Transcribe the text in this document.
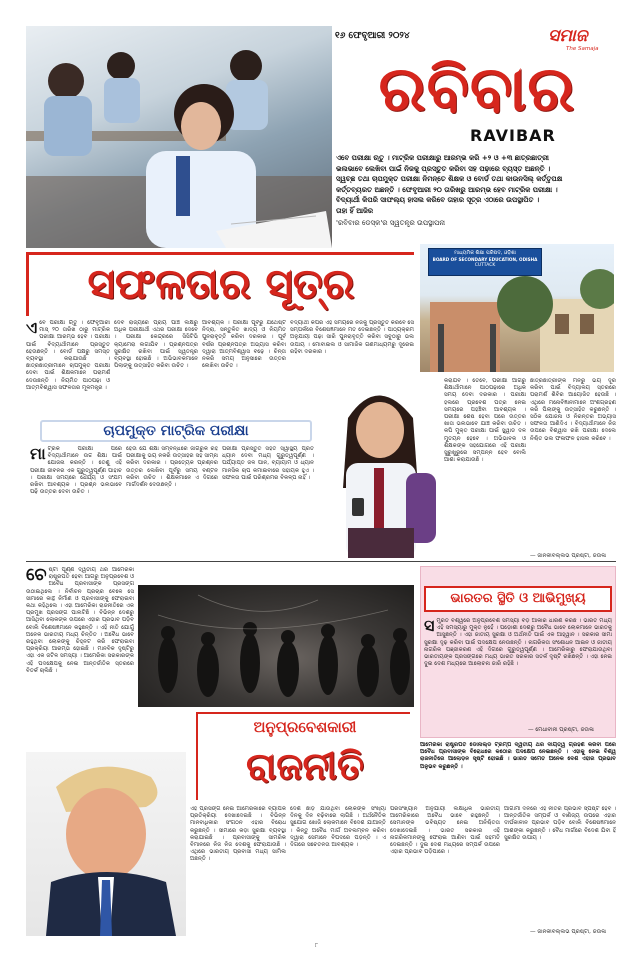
୧୬ ଫେବୃଆରୀ ୨୦୨୪	ସମାଜ
The Samaja
ରବିବାର
RAVIBAR
ଏବେ ପରୀକ୍ଷା ଋତୁ । ମାଟ୍ରିକ ପରୀକ୍ଷାରୁ ଆରମ୍ଭ କରି +୨ ଓ +୩ ଛାତ୍ରଛାତ୍ରୀ
ଭଲଭାବେ ଲେଖିବା ପାଇଁ ନିଜକୁ ପ୍ରସ୍ତୁତ କରିବା ସହ ପଢ଼ାରେ ବ୍ୟସ୍ତ ଅଛନ୍ତି ।
ସ୍ୱଚ୍ଛ ତଥା ଚାପମୁକ୍ତ ପରୀକ୍ଷା ନିମନ୍ତେ ଶିକ୍ଷକ ଓ ବୋର୍ଡ ତଥା କାଉନସିଲ୍ କର୍ତ୍ତୃପକ୍ଷ
କର୍ତ୍ତବ୍ୟରତ ଅଛନ୍ତି । ଫେବୃଆରୀ ୨୦ ତାରିଖରୁ ଆରମ୍ଭ ହେବ ମାଟ୍ରିକ ପରୀକ୍ଷା ।
ବିଦ୍ୟାର୍ଥୀ କିପରି ସାଫଲ୍ୟ ହାସଲ କରିବେ ତାହାର ସୂତ୍ର ଏଠାରେ ଉପସ୍ଥାପିତ ।
ତାହା ହିଁ ଆଜିର
'ରବିବାର ଡେସ୍କ'ର ସ୍ୱତନ୍ତ୍ର ଉପସ୍ଥାପନା
ସଫଳତାର ସୂତ୍ର
ମାଧ୍ୟମିକ ଶିକ୍ଷା ପରିଷଦ, ଓଡ଼ିଶା
BOARD OF SECONDARY EDUCATION, ODISHA
CUTTACK
ଏବେ ପରୀକ୍ଷା ଋତୁ । ଫେବୃଆରୀ ମାସ୍ ୨୦ ତାରିଖ ଠାରୁ ମାଟ୍ରିକ ପରୀକ୍ଷା ଆରମ୍ଭ ହେବ । ପରୀକ୍ଷା ପାଇଁ ବିଦ୍ୟାର୍ଥୀମାନେ ପ୍ରସ୍ତୁତ ହେଉଛନ୍ତି । ବୋର୍ଡ ପକ୍ଷରୁ ସମସ୍ତ ବ୍ୟବସ୍ଥା କରାଯାଉଛି । ଛାତ୍ରଛାତ୍ରୀମାନେ ଚାପମୁକ୍ତ ପରୀକ୍ଷା ଦେବା ପାଇଁ ଶିକ୍ଷକମାନେ ପରାମର୍ଶ ଦେଉଛନ୍ତି । ନିୟମିତ ପାଠପଢ଼ା ଓ ଆତ୍ମବିଶ୍ୱାସ ସଫଳତାର ମୂଳମନ୍ତ୍ର ।
ଦେବ ରାଜ୍ୟରେ ପ୍ରାୟ ପାଞ୍ଚ ଲକ୍ଷରୁ ଅଧିକ ପରୀକ୍ଷାର୍ଥୀ ଏଥର ପରୀକ୍ଷା ଦେବେ । ପରୀକ୍ଷା କେନ୍ଦ୍ରରେ ସିସିଟିଭି କ୍ୟାମେରା ଲଗାଯିବ । ପ୍ରଶ୍ନପତ୍ର ସୁରକ୍ଷିତ ରଖିବା ପାଇଁ ସ୍ୱତନ୍ତ୍ର ବ୍ୟବସ୍ଥା ହୋଇଛି । ଅଭିଭାବକମାନେ ପିଲାଙ୍କୁ ଉତ୍ସାହିତ କରିବା ଉଚିତ ।
ଆବଶ୍ୟକ । ପରୀକ୍ଷା ପୂର୍ବରୁ ଯଥେଷ୍ଟ ନିଦ୍ରା, ସନ୍ତୁଳିତ ଖାଦ୍ୟ ଓ ନିୟମିତ ପୁନରାବୃତ୍ତି କରିବା ଦରକାର । ପୂର୍ବ ବର୍ଷର ପ୍ରଶ୍ନପତ୍ର ଅଭ୍ୟାସ କରିବା ଦ୍ୱାରା ଆତ୍ମବିଶ୍ୱାସ ବଢ଼େ । ଚିନ୍ତା ନକରି ସମୟ ଅନୁସାରେ ଉତ୍ତର ଲେଖିବା ଉଚିତ ।
ବିଦ୍ୟାର୍ଥୀ କିପରି ଏହି ସମୟରେ ନିଜକୁ ପ୍ରସ୍ତୁତ କରିବେ ସେ ସମ୍ପର୍କରେ ବିଶେଷଜ୍ଞମାନେ ମତ ଦେଇଛନ୍ତି । ପାଠ୍ୟକ୍ରମ ଅନୁଯାୟୀ ପଢ଼ା ସାରି ପୁନରାବୃତ୍ତି କରିବା ସବୁଠାରୁ ଭଲ ଉପାୟ । ମୋବାଇଲ ଓ ସାମାଜିକ ଗଣମାଧ୍ୟମରୁ ଦୂରେଇ ରହିବା ଦରକାର ।
ଚାପମୁକ୍ତ ମାଟ୍ରିକ ପରୀକ୍ଷା
ମାଟ୍ରିକ ପରୀକ୍ଷା ପରେ ବିଦ୍ୟାର୍ଥୀମାନେ ଉଚ୍ଚ ଶିକ୍ଷା ପାଇଁ ଯୋଜନା କରନ୍ତି । ତେଣୁ ଏହି ପରୀକ୍ଷା ଜୀବନର ଏକ ଗୁରୁତ୍ୱପୂର୍ଣ୍ଣ ପାହାଚ । ପରୀକ୍ଷା ସମୟରେ ଧୈର୍ଯ୍ୟ ଓ ସଂଯମ ରଖିବା ଆବଶ୍ୟକ । ପ୍ରଶ୍ନ ଭଲଭାବେ ପଢ଼ି ଉତ୍ତର ଦେବା ଉଚିତ ।
ହେଉ ଯେ ଶିକ୍ଷା ସମ୍ବନ୍ଧରେ ଜାଗରୁକ ରହି ପରୀକ୍ଷାକୁ ଭୟ ନକରି ଉତ୍ସାହର ସହ ସାମ୍ନା କରିବା ଦରକାର । ପ୍ରତ୍ୟେକ ପ୍ରଶ୍ନର ଉତ୍ତର ଲେଖିବା ପୂର୍ବରୁ ସମୟ ବଣ୍ଟନ କରିବା ଉଚିତ । ଶିକ୍ଷକମାନେ ଏ ଦିଗରେ ମାର୍ଗଦର୍ଶନ ଦେଉଛନ୍ତି ।
ପରୀକ୍ଷା ପ୍ରସ୍ତୁତି ସହିତ ସ୍ୱାସ୍ଥ୍ୟ ପ୍ରତି ଧ୍ୟାନ ଦେବା ମଧ୍ୟ ଗୁରୁତ୍ୱପୂର୍ଣ୍ଣ । ପର୍ଯ୍ୟାପ୍ତ ଜଳ ପାନ, ବ୍ୟାୟାମ ଓ ଧ୍ୟାନ ମାନସିକ ଚାପ କମାଇବାରେ ସହାୟକ ହୁଏ । ସଫଳତା ପାଇଁ ପରିଶ୍ରମର ବିକଳ୍ପ ନାହିଁ ।
କରାଯିବ । ତେବେ, ପରୀକ୍ଷା ଆଗରୁ ଶିକ୍ଷାର୍ଥୀମାନେ ପାଠପଢ଼ାରେ ଅଧିକ ସମୟ ଦେବା ଦରକାର । ପରୀକ୍ଷା ହଲରେ ପ୍ରବେଶ ପତ୍ର ନେଇ ସମୟରେ ପହଞ୍ଚିବା ଆବଶ୍ୟକ । ପରୀକ୍ଷା ଶେଷ ହେବା ପରେ ଉତ୍ତର ଖାତା ଭଲଭାବେ ଯାଞ୍ଚ କରିବା ଉଚିତ । କପି ମୁକ୍ତ ପରୀକ୍ଷା ପାଇଁ ସ୍କ୍ୱାଡ ଦଳ ମୁତୟନ ହେବେ । ଅଭିଭାବକ ଓ ଶିକ୍ଷକଙ୍କ ସହଯୋଗରେ ଏହି ପରୀକ୍ଷା ସୁରୁଖୁରୁରେ ସମ୍ପନ୍ନ ହେବ ବୋଲି ଆଶା କରାଯାଉଛି ।
ଛାତ୍ରଛାତ୍ରୀଙ୍କ ମନରୁ ଭୟ ଦୂର କରିବା ପାଇଁ ବିଦ୍ୟାଳୟ ସ୍ତରରେ ପରାମର୍ଶ ଶିବିର ଆୟୋଜିତ ହେଉଛି । ଏଥିରେ ମନୋବିଜ୍ଞାନୀମାନେ ଅଂଶଗ୍ରହଣ କରି ପିଲାଙ୍କୁ ଉତ୍ସାହିତ କରୁଛନ୍ତି । ସଠିକ ଯୋଜନା ଓ ନିରନ୍ତର ଅଭ୍ୟାସ ସଫଳତା ଆଣିଦିଏ । ବିଦ୍ୟାର୍ଥୀମାନେ ନିଜ ଉପରେ ବିଶ୍ୱାସ ରଖି ପରୀକ୍ଷା ଦେଲେ ନିଶ୍ଚିତ ଭଲ ଫଳାଫଳ ହାସଲ କରିବେ ।
— ଜାନକୀବଲ୍ଲଭ ପ୍ରଷ୍ଟା, ଜଉଳା
ଚେଷ୍ଟା ପୂର୍ଣ୍ଣ ଦ୍ୱିତୀୟ ଥର ଆମେରିକା ରାଷ୍ଟ୍ରପତି ହେବା ଆଗରୁ ଅନୁପ୍ରବେଶ ଓ ଅବୈଧ ପ୍ରବାସୀଙ୍କ ପ୍ରସଙ୍ଗ ଉଠାଇଥିଲେ । ନିର୍ବାଚନ ପ୍ରଚାର ବେଳେ ସେ ସୀମାରେ କାନ୍ଥ ନିର୍ମାଣ ଓ ପ୍ରବାସୀଙ୍କୁ ଫେରାଇବା କଥା କହିଥିଲେ । ଏହା ଆମେରିକା ରାଜନୀତିରେ ଏକ ପ୍ରମୁଖ ପ୍ରସଙ୍ଗ ପାଲଟିଛି । ବିଭିନ୍ନ ଦେଶରୁ ଆସିଥିବା ଲୋକଙ୍କ ଉପରେ ଏହାର ପ୍ରଭାବ ପଡ଼ିବ ବୋଲି ବିଶେଷଜ୍ଞମାନେ କହୁଛନ୍ତି । ଏହି ନୀତି ଯୋଗୁଁ ଅନେକ ଭାରତୀୟ ମଧ୍ୟ ଚିନ୍ତିତ । ଅବୈଧ ଭାବେ ରହୁଥିବା ଲୋକଙ୍କୁ ଚିହ୍ନଟ କରି ଫେରାଇବା ପ୍ରକ୍ରିୟା ଆରମ୍ଭ ହୋଇଛି । ମାନବିକ ଦୃଷ୍ଟିରୁ ଏହା ଏକ ଜଟିଳ ସମସ୍ୟା । ଆମେରିକା ସରକାରଙ୍କ ଏହି ପଦକ୍ଷେପକୁ ନେଇ ଆନ୍ତର୍ଜାତିକ ସ୍ତରରେ ବିତର୍କ ଚାଲିଛି ।
ଭାରତର ସ୍ଥିତି ଓ ଆଭିମୁଖ୍ୟ
ସମ୍ପ୍ରତି ବିଶ୍ୱରେ ଅନୁପ୍ରବେଶ ସମସ୍ୟା ବଡ଼ ଆକାର ଧାରଣ କରିଛି । ଭାରତ ମଧ୍ୟ ଏହି ସମସ୍ୟାରୁ ମୁକ୍ତ ନୁହେଁ । ପଡ଼ୋଶୀ ଦେଶରୁ ଅବୈଧ ଭାବେ ଲୋକମାନେ ଭାରତକୁ ଆସୁଛନ୍ତି । ଏହା ଜାତୀୟ ସୁରକ୍ଷା ଓ ଅର୍ଥନୀତି ପାଇଁ ଏକ ଆହ୍ୱାନ । ସରକାର ସୀମା ସୁରକ୍ଷା ଦୃଢ଼ କରିବା ପାଇଁ ପଦକ୍ଷେପ ନେଉଛନ୍ତି । ନାଗରିକତା ସଂଶୋଧନ ଆଇନ ଓ ଜାତୀୟ ନାଗରିକ ପଞ୍ଜୀକରଣ ଏହି ଦିଗରେ ଗୁରୁତ୍ୱପୂର୍ଣ୍ଣ । ଆମେରିକାରୁ ଫେରାଯାଉଥିବା ଭାରତୀୟଙ୍କ ପ୍ରସଙ୍ଗରେ ମଧ୍ୟ ଭାରତ ସରକାର ସତର୍କ ଦୃଷ୍ଟି ରଖିଛନ୍ତି । ଏହା ନେଇ ଦୁଇ ଦେଶ ମଧ୍ୟରେ ଆଲୋଚନା ଜାରି ରହିଛି ।
— ମେଧାବୀନୀ ପ୍ରଷ୍ଟା, ଜଉଳା
ଅନୁପ୍ରବେଶକାରୀ
ରାଜନୀତି	ଆମେରିକା ରାଷ୍ଟ୍ରପତି ଡୋନାଲ୍ଡ ଟ୍ରମ୍ପ ଦ୍ୱିତୀୟ ଥର ଦାୟିତ୍ୱ ଗ୍ରହଣ କରିବା ପରେ ଅବୈଧ ପ୍ରବାସୀଙ୍କ ବିରୋଧରେ କଠୋର ପଦକ୍ଷେପ ନେଇଛନ୍ତି । ଏହାକୁ ନେଇ ବିଶ୍ୱ ରାଜନୀତିରେ ଆଲୋଡ଼ନ ସୃଷ୍ଟି ହୋଇଛି । ଭାରତ ସମେତ ଅନେକ ଦେଶ ଏହାର ପ୍ରଭାବ ଅନୁଭବ କରୁଛନ୍ତି ।
ଏହି ପ୍ରସଙ୍ଗ ନେଇ ଆମେରିକାରେ ବ୍ୟାପକ ପ୍ରତିକ୍ରିୟା ଦେଖାଦେଇଛି । ବିଭିନ୍ନ ମାନବାଧିକାର ସଂଗଠନ ଏହାର ବିରୋଧ କରୁଛନ୍ତି । ସୀମାରେ କଡ଼ା ସୁରକ୍ଷା ବ୍ୟବସ୍ଥା କରାଯାଇଛି । ପ୍ରବାସୀଙ୍କୁ ସାମରିକ ବିମାନରେ ନିଜ ନିଜ ଦେଶକୁ ଫେରାଯାଉଛି । ଏଥିରେ ଭାରତୀୟ ପ୍ରବାସୀ ମଧ୍ୟ ସାମିଲ ଅଛନ୍ତି ।
ଦେଶ ଛାଡ଼ି ଯାଉଥିବା ଲୋକଙ୍କ ସଂଖ୍ୟା ଦିନକୁ ଦିନ ବଢ଼ିବାରେ ଲାଗିଛି । ଅର୍ଥନୈତିକ ସୁଯୋଗ ଖୋଜି ଲୋକମାନେ ବିଦେଶ ଯାଆନ୍ତି । କିନ୍ତୁ ଅବୈଧ ମାର୍ଗ ଅବଲମ୍ବନ କରିବା ଦ୍ୱାରା ସେମାନେ ବିପଦରେ ପଡ଼ନ୍ତି । ଏ ଦିଗରେ ସଚେତନତା ଆବଶ୍ୟକ ।
ପରିସଂଖ୍ୟାନ ଅନୁଯାୟୀ ଲକ୍ଷାଧିକ ଭାରତୀୟ ଆମେରିକାରେ ଅବୈଧ ଭାବେ ରହୁଛନ୍ତି । ସେମାନଙ୍କ ଭବିଷ୍ୟତ ନେଇ ଅନିଶ୍ଚିତତା ଦେଖାଦେଇଛି । ଭାରତ ସରକାର ଏହି ନାଗରିକମାନଙ୍କୁ ଫେରାଇ ଆଣିବା ପାଇଁ ସହମତି ଦେଇଛନ୍ତି । ଦୁଇ ଦେଶ ମଧ୍ୟରେ ସମ୍ପର୍କ ଉପରେ ଏହାର ପ୍ରଭାବ ପଡ଼ିପାରେ ।
ଆଗାମୀ ଦିନରେ ଏହି ନୀତିର ପ୍ରଭାବ ସ୍ପଷ୍ଟ ହେବ । ଆନ୍ତର୍ଜାତିକ ସମ୍ପର୍କ ଓ ବାଣିଜ୍ୟ ଉପରେ ଏହାର ଦୀର୍ଘକାଳୀନ ପ୍ରଭାବ ପଡ଼ିବ ବୋଲି ବିଶେଷଜ୍ଞମାନେ ଆଶଙ୍କା କରୁଛନ୍ତି । ବୈଧ ମାର୍ଗରେ ବିଦେଶ ଯିବା ହିଁ ସୁରକ୍ଷିତ ଉପାୟ ।
— ଜାନକୀବଲ୍ଲଭ ପ୍ରଷ୍ଟା, ଜଉଳା
୮
